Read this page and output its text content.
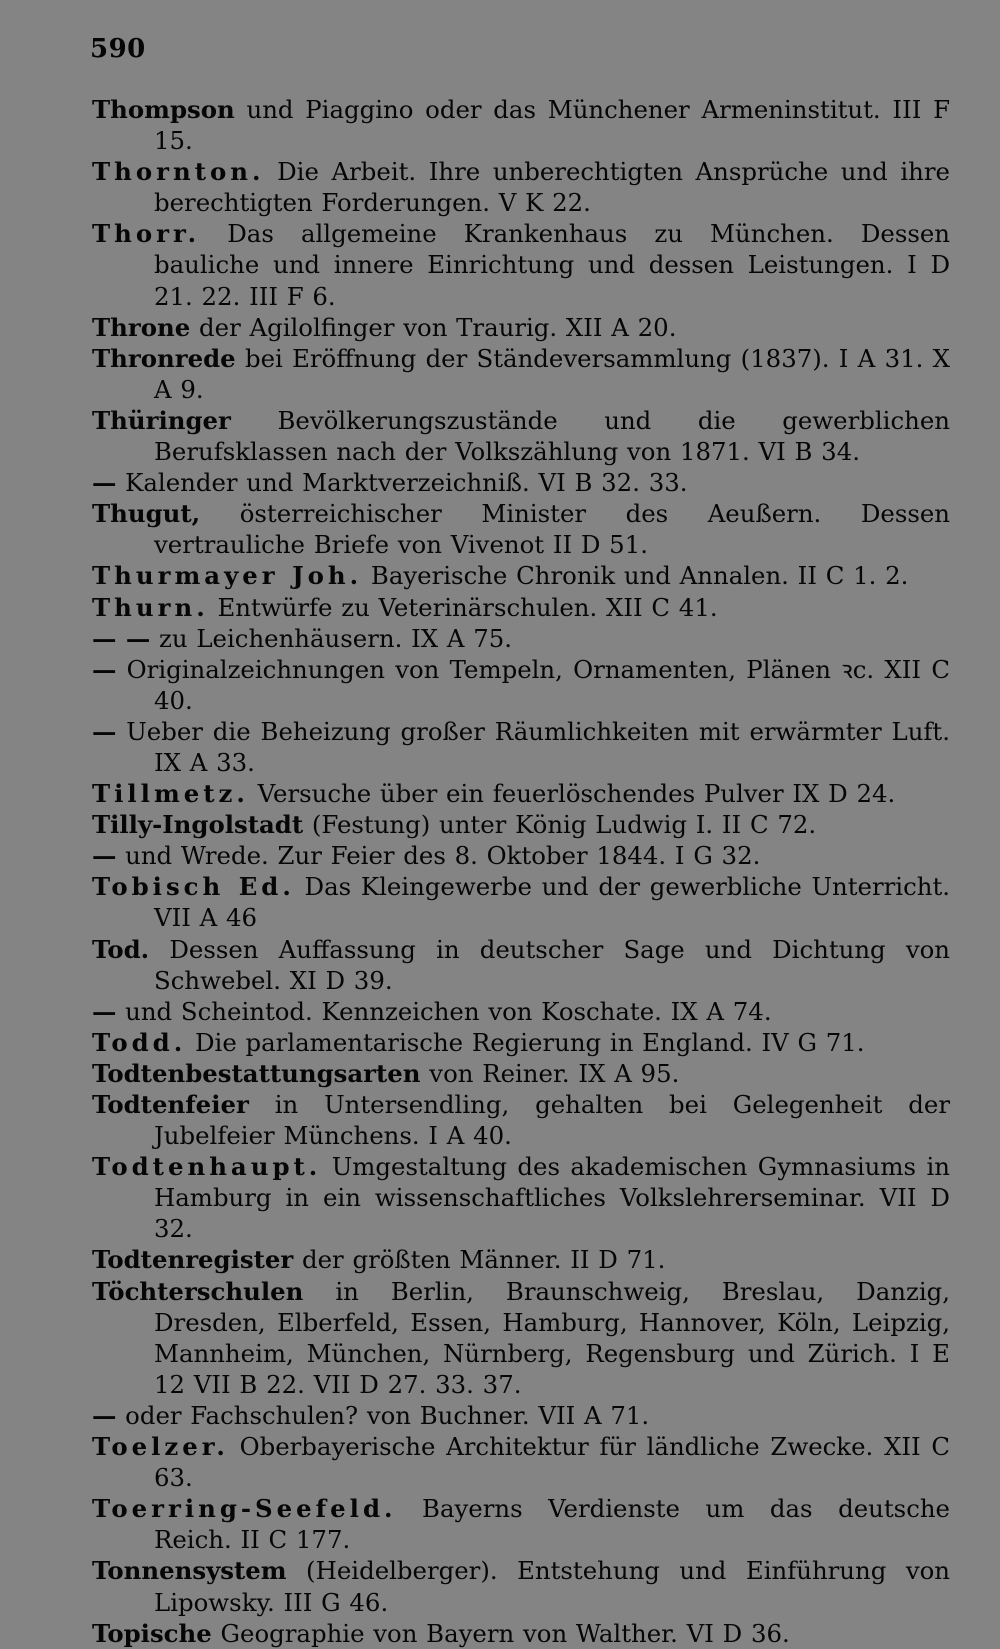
590
Thompson und Piaggino oder das Münchener Armeninstitut. III F 15.
Thornton. Die Arbeit. Ihre unberechtigten Ansprüche und ihre berechtigten Forderungen. V K 22.
Thorr. Das allgemeine Krankenhaus zu München. Dessen bauliche und innere Einrichtung und dessen Leistungen. I D 21. 22. III F 6.
Throne der Agilolfinger von Traurig. XII A 20.
Thronrede bei Eröffnung der Ständeversammlung (1837). I A 31. X A 9.
Thüringer Bevölkerungszustände und die gewerblichen Berufsklassen nach der Volkszählung von 1871. VI B 34.
— Kalender und Marktverzeichniß. VI B 32. 33.
Thugut, österreichischer Minister des Aeußern. Dessen vertrauliche Briefe von Vivenot II D 51.
Thurmayer Joh. Bayerische Chronik und Annalen. II C 1. 2.
Thurn. Entwürfe zu Veterinärschulen. XII C 41.
— — zu Leichenhäusern. IX A 75.
— Originalzeichnungen von Tempeln, Ornamenten, Plänen ꝛc. XII C 40.
— Ueber die Beheizung großer Räumlichkeiten mit erwärmter Luft. IX A 33.
Tillmetz. Versuche über ein feuerlöschendes Pulver IX D 24.
Tilly-Ingolstadt (Festung) unter König Ludwig I. II C 72.
— und Wrede. Zur Feier des 8. Oktober 1844. I G 32.
Tobisch Ed. Das Kleingewerbe und der gewerbliche Unterricht. VII A 46
Tod. Dessen Auffassung in deutscher Sage und Dichtung von Schwebel. XI D 39.
— und Scheintod. Kennzeichen von Koschate. IX A 74.
Todd. Die parlamentarische Regierung in England. IV G 71.
Todtenbestattungsarten von Reiner. IX A 95.
Todtenfeier in Untersendling, gehalten bei Gelegenheit der Jubelfeier Münchens. I A 40.
Todtenhaupt. Umgestaltung des akademischen Gymnasiums in Hamburg in ein wissenschaftliches Volkslehrerseminar. VII D 32.
Todtenregister der größten Männer. II D 71.
Töchterschulen in Berlin, Braunschweig, Breslau, Danzig, Dresden, Elberfeld, Essen, Hamburg, Hannover, Köln, Leipzig, Mannheim, München, Nürnberg, Regensburg und Zürich. I E 12 VII B 22. VII D 27. 33. 37.
— oder Fachschulen? von Buchner. VII A 71.
Toelzer. Oberbayerische Architektur für ländliche Zwecke. XII C 63.
Toerring-Seefeld. Bayerns Verdienste um das deutsche Reich. II C 177.
Tonnensystem (Heidelberger). Entstehung und Einführung von Lipowsky. III G 46.
Topische Geographie von Bayern von Walther. VI D 36.
